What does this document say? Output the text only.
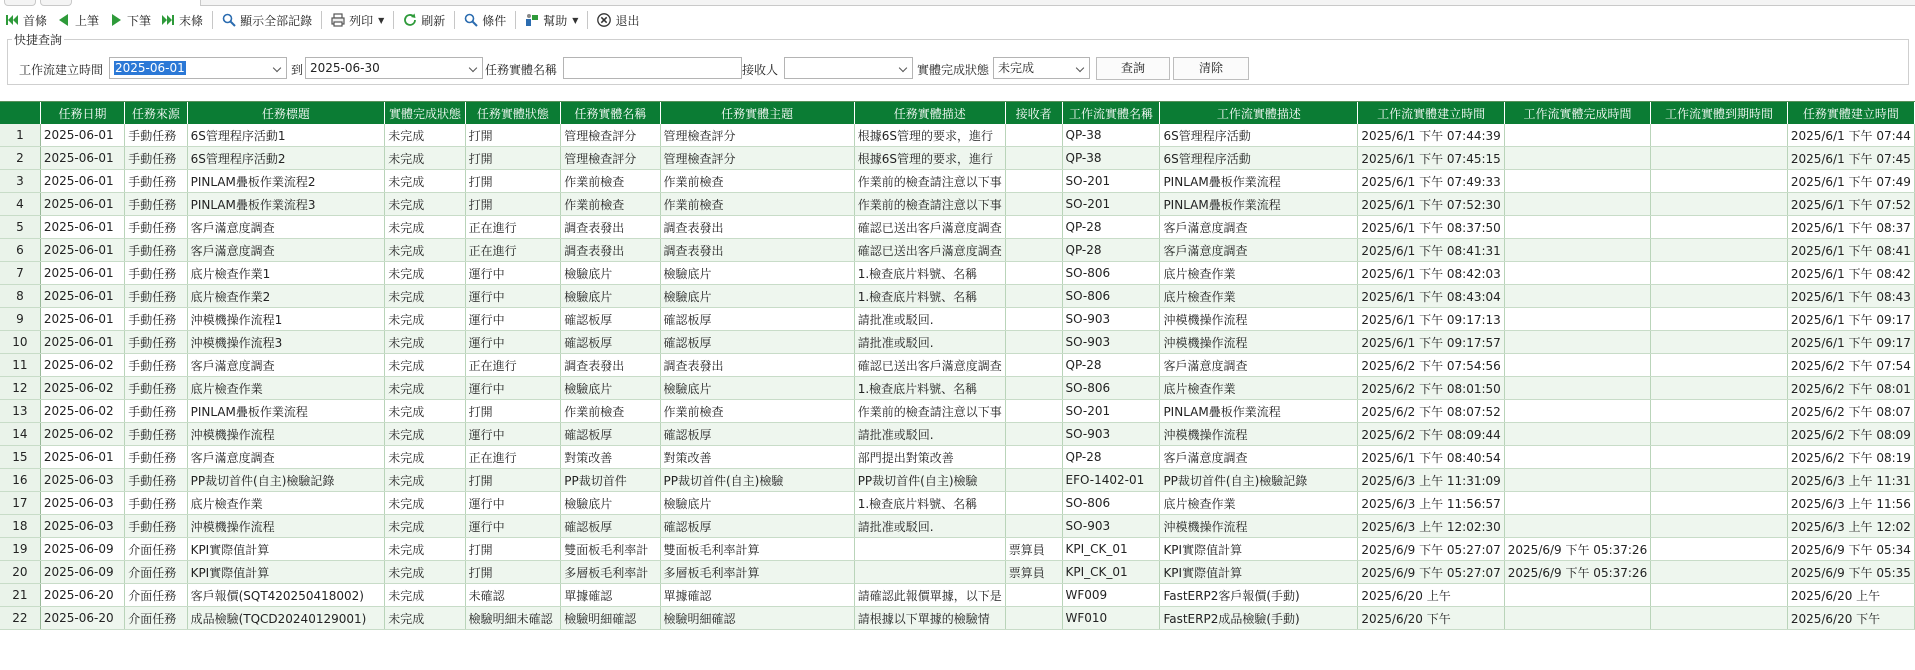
首條 上筆 下筆 末條	顯示全部記錄	列印 ▼	刷新	條件	幫助 ▼	退出
快捷查詢
工作流建立時間 2025-06-01	到 2025-06-30	任務實體名稱	接收人	實體完成狀態 未完成	查詢	清除
	任務日期	任務來源	任務標題	實體完成狀態	任務實體狀態	任務實體名稱	任務實體主題	任務實體描述	接收者	工作流實體名稱	工作流實體描述	工作流實體建立時間	工作流實體完成時間	工作流實體到期時間	任務實體建立時間
1	2025-06-01	手動任務	6S管理程序活動1	未完成	打開	管理檢查評分	管理檢查評分	根據6S管理的要求，進行		QP-38	6S管理程序活動	2025/6/1 下午 07:44:39			2025/6/1 下午 07:44
2	2025-06-01	手動任務	6S管理程序活動2	未完成	打開	管理檢查評分	管理檢查評分	根據6S管理的要求，進行		QP-38	6S管理程序活動	2025/6/1 下午 07:45:15			2025/6/1 下午 07:45
3	2025-06-01	手動任務	PINLAM疊板作業流程2	未完成	打開	作業前檢查	作業前檢查	作業前的檢查請注意以下事		SO-201	PINLAM疊板作業流程	2025/6/1 下午 07:49:33			2025/6/1 下午 07:49
4	2025-06-01	手動任務	PINLAM疊板作業流程3	未完成	打開	作業前檢查	作業前檢查	作業前的檢查請注意以下事		SO-201	PINLAM疊板作業流程	2025/6/1 下午 07:52:30			2025/6/1 下午 07:52
5	2025-06-01	手動任務	客戶滿意度調查	未完成	正在進行	調查表發出	調查表發出	確認已送出客戶滿意度調查		QP-28	客戶滿意度調查	2025/6/1 下午 08:37:50			2025/6/1 下午 08:37
6	2025-06-01	手動任務	客戶滿意度調查	未完成	正在進行	調查表發出	調查表發出	確認已送出客戶滿意度調查		QP-28	客戶滿意度調查	2025/6/1 下午 08:41:31			2025/6/1 下午 08:41
7	2025-06-01	手動任務	底片檢查作業1	未完成	運行中	檢驗底片	檢驗底片	1.檢查底片料號、名稱		SO-806	底片檢查作業	2025/6/1 下午 08:42:03			2025/6/1 下午 08:42
8	2025-06-01	手動任務	底片檢查作業2	未完成	運行中	檢驗底片	檢驗底片	1.檢查底片料號、名稱		SO-806	底片檢查作業	2025/6/1 下午 08:43:04			2025/6/1 下午 08:43
9	2025-06-01	手動任務	沖模機操作流程1	未完成	運行中	確認板厚	確認板厚	請批准或駁回.		SO-903	沖模機操作流程	2025/6/1 下午 09:17:13			2025/6/1 下午 09:17
10	2025-06-01	手動任務	沖模機操作流程3	未完成	運行中	確認板厚	確認板厚	請批准或駁回.		SO-903	沖模機操作流程	2025/6/1 下午 09:17:57			2025/6/1 下午 09:17
11	2025-06-02	手動任務	客戶滿意度調查	未完成	正在進行	調查表發出	調查表發出	確認已送出客戶滿意度調查		QP-28	客戶滿意度調查	2025/6/2 下午 07:54:56			2025/6/2 下午 07:54
12	2025-06-02	手動任務	底片檢查作業	未完成	運行中	檢驗底片	檢驗底片	1.檢查底片料號、名稱		SO-806	底片檢查作業	2025/6/2 下午 08:01:50			2025/6/2 下午 08:01
13	2025-06-02	手動任務	PINLAM疊板作業流程	未完成	打開	作業前檢查	作業前檢查	作業前的檢查請注意以下事		SO-201	PINLAM疊板作業流程	2025/6/2 下午 08:07:52			2025/6/2 下午 08:07
14	2025-06-02	手動任務	沖模機操作流程	未完成	運行中	確認板厚	確認板厚	請批准或駁回.		SO-903	沖模機操作流程	2025/6/2 下午 08:09:44			2025/6/2 下午 08:09
15	2025-06-01	手動任務	客戶滿意度調查	未完成	正在進行	對策改善	對策改善	部門提出對策改善		QP-28	客戶滿意度調查	2025/6/1 下午 08:40:54			2025/6/2 下午 08:19
16	2025-06-03	手動任務	PP裁切首件(自主)檢驗記錄	未完成	打開	PP裁切首件	PP裁切首件(自主)檢驗	PP裁切首件(自主)檢驗		EFO-1402-01	PP裁切首件(自主)檢驗記錄	2025/6/3 上午 11:31:09			2025/6/3 上午 11:31
17	2025-06-03	手動任務	底片檢查作業	未完成	運行中	檢驗底片	檢驗底片	1.檢查底片料號、名稱		SO-806	底片檢查作業	2025/6/3 上午 11:56:57			2025/6/3 上午 11:56
18	2025-06-03	手動任務	沖模機操作流程	未完成	運行中	確認板厚	確認板厚	請批准或駁回.		SO-903	沖模機操作流程	2025/6/3 上午 12:02:30			2025/6/3 上午 12:02
19	2025-06-09	介面任務	KPI實際值計算	未完成	打開	雙面板毛利率計	雙面板毛利率計算		票算員	KPI_CK_01	KPI實際值計算	2025/6/9 下午 05:27:07	2025/6/9 下午 05:37:26		2025/6/9 下午 05:34
20	2025-06-09	介面任務	KPI實際值計算	未完成	打開	多層板毛利率計	多層板毛利率計算		票算員	KPI_CK_01	KPI實際值計算	2025/6/9 下午 05:27:07	2025/6/9 下午 05:37:26		2025/6/9 下午 05:35
21	2025-06-20	介面任務	客戶報價(SQT420250418002)	未完成	未確認	單據確認	單據確認	請確認此報價單據，以下是		WF009	FastERP2客戶報價(手動)	2025/6/20 上午			2025/6/20 上午
22	2025-06-20	介面任務	成品檢驗(TQCD20240129001)	未完成	檢驗明細未確認	檢驗明細確認	檢驗明細確認	請根據以下單據的檢驗情		WF010	FastERP2成品檢驗(手動)	2025/6/20 下午			2025/6/20 下午
